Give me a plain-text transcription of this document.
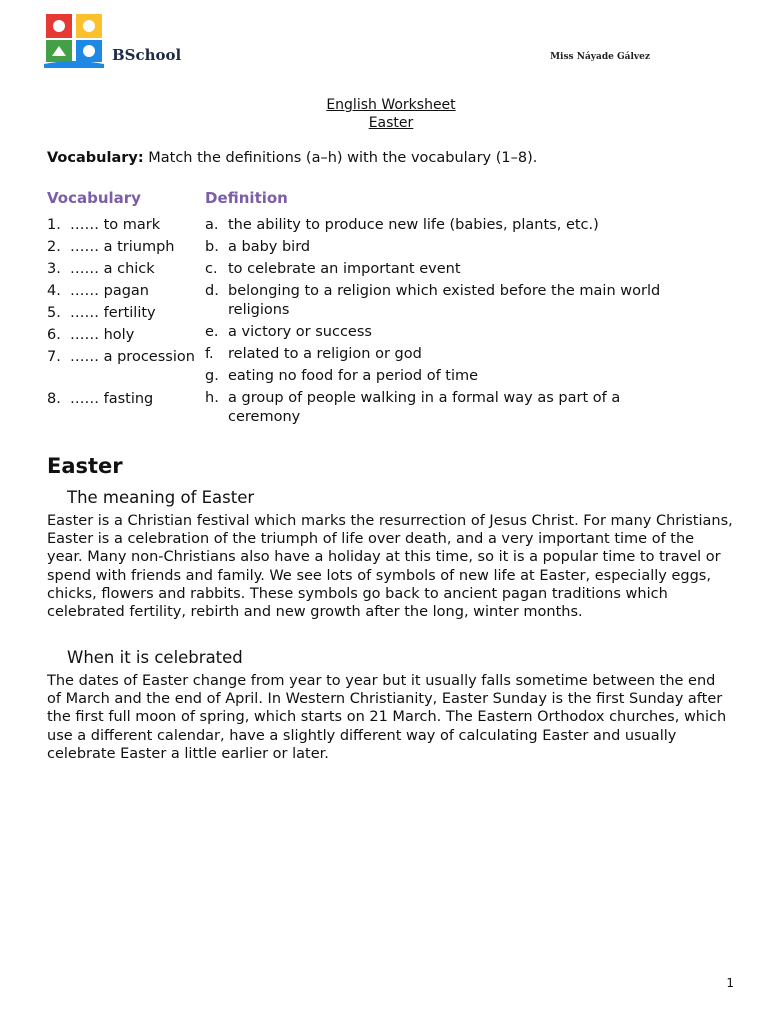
BSchool	Miss Náyade Gálvez
English Worksheet
Easter
Vocabulary: Match the definitions (a–h) with the vocabulary (1–8).
Vocabulary	Definition
1. …… to mark
2. …… a triumph
3. …… a chick
4. …… pagan
5. …… fertility
6. …… holy
7. …… a procession
8. …… fasting
a. the ability to produce new life (babies, plants, etc.)
b. a baby bird
c. to celebrate an important event
d. belonging to a religion which existed before the main world religions
e. a victory or success
f. related to a religion or god
g. eating no food for a period of time
h. a group of people walking in a formal way as part of a ceremony
Easter
The meaning of Easter
Easter is a Christian festival which marks the resurrection of Jesus Christ. For many Christians, Easter is a celebration of the triumph of life over death, and a very important time of the year. Many non-Christians also have a holiday at this time, so it is a popular time to travel or spend with friends and family. We see lots of symbols of new life at Easter, especially eggs, chicks, flowers and rabbits. These symbols go back to ancient pagan traditions which celebrated fertility, rebirth and new growth after the long, winter months.
When it is celebrated
The dates of Easter change from year to year but it usually falls sometime between the end of March and the end of April. In Western Christianity, Easter Sunday is the first Sunday after the first full moon of spring, which starts on 21 March. The Eastern Orthodox churches, which use a different calendar, have a slightly different way of calculating Easter and usually celebrate Easter a little earlier or later.
1
